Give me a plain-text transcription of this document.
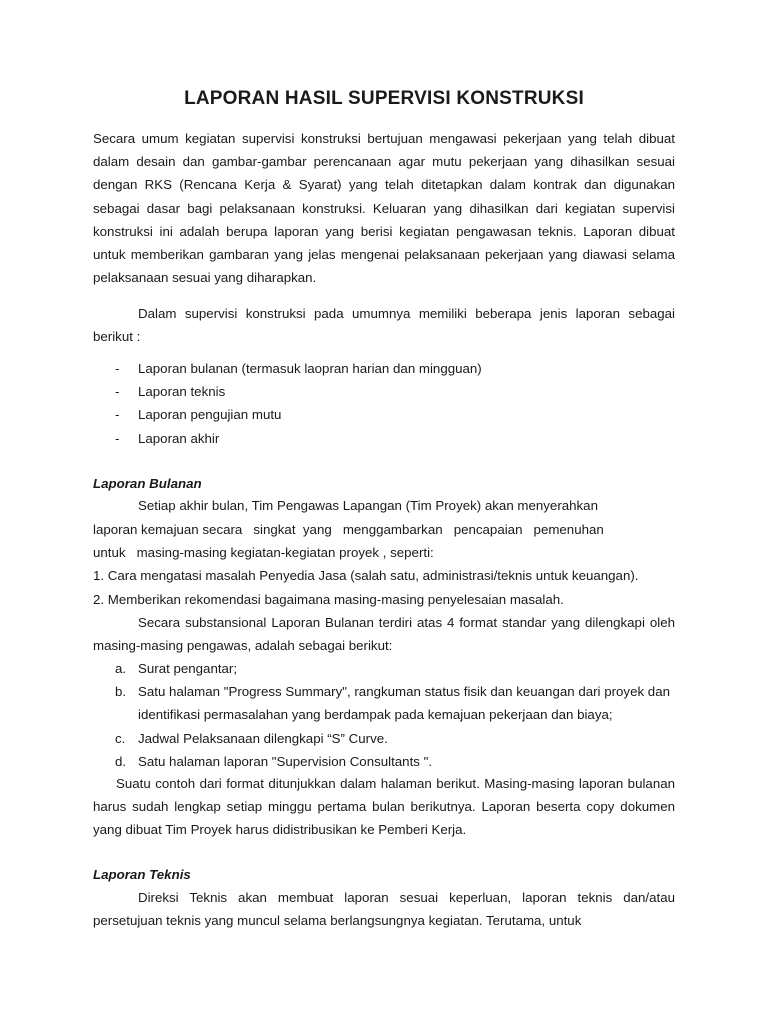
LAPORAN HASIL SUPERVISI KONSTRUKSI

Secara umum kegiatan supervisi konstruksi bertujuan mengawasi pekerjaan yang telah dibuat dalam desain dan gambar-gambar perencanaan agar mutu pekerjaan yang dihasilkan sesuai dengan RKS (Rencana Kerja & Syarat) yang telah ditetapkan dalam kontrak dan digunakan sebagai dasar bagi pelaksanaan konstruksi. Keluaran yang dihasilkan dari kegiatan supervisi konstruksi ini adalah berupa laporan yang berisi kegiatan pengawasan teknis. Laporan dibuat untuk memberikan gambaran yang jelas mengenai pelaksanaan pekerjaan yang diawasi selama pelaksanaan sesuai yang diharapkan.

Dalam supervisi konstruksi pada umumnya memiliki beberapa jenis laporan sebagai berikut :

- Laporan bulanan (termasuk laopran harian dan mingguan)
- Laporan teknis
- Laporan pengujian mutu
- Laporan akhir
Laporan Bulanan

Setiap akhir bulan, Tim Pengawas Lapangan (Tim Proyek) akan menyerahkan

laporan kemajuan secara   singkat  yang   menggambarkan   pencapaian   pemenuhan

untuk   masing-masing kegiatan-kegiatan proyek , seperti:

1. Cara mengatasi masalah Penyedia Jasa (salah satu, administrasi/teknis untuk keuangan).

2. Memberikan rekomendasi bagaimana masing-masing penyelesaian masalah.

Secara substansional Laporan Bulanan terdiri atas 4 format standar yang dilengkapi oleh masing-masing pengawas, adalah sebagai berikut:

a. Surat pengantar;
b. Satu halaman "Progress Summary", rangkuman status fisik dan keuangan dari proyek dan identifikasi permasalahan yang berdampak pada kemajuan pekerjaan dan biaya;
c. Jadwal Pelaksanaan dilengkapi “S” Curve.
d. Satu halaman laporan "Supervision Consultants ".

Suatu contoh dari format ditunjukkan dalam halaman berikut. Masing-masing laporan bulanan harus sudah lengkap setiap minggu pertama bulan berikutnya. Laporan beserta copy dokumen yang dibuat Tim Proyek harus didistribusikan ke Pemberi Kerja.

Laporan Teknis

Direksi Teknis akan membuat laporan sesuai keperluan, laporan teknis dan/atau persetujuan teknis yang muncul selama berlangsungnya kegiatan. Terutama, untuk
